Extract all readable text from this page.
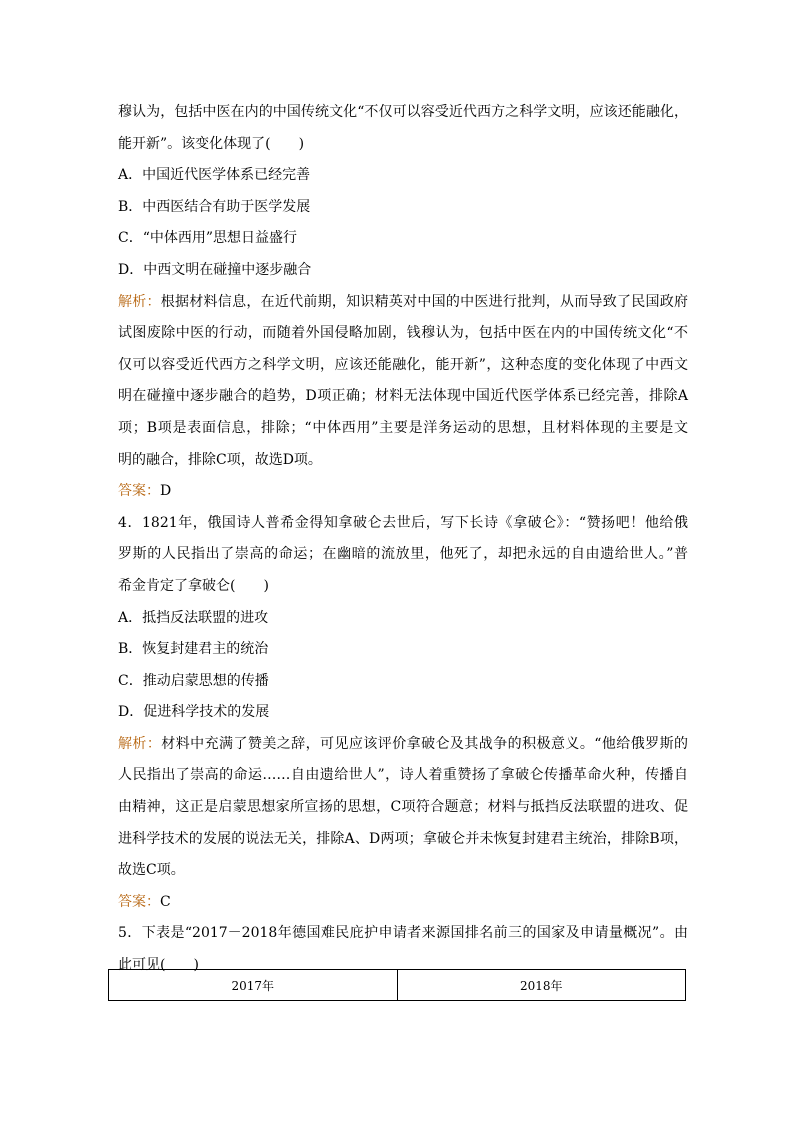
穆认为，包括中医在内的中国传统文化“不仅可以容受近代西方之科学文明，应该还能融化，
能开新”。该变化体现了(　　)
A．中国近代医学体系已经完善
B．中西医结合有助于医学发展
C．“中体西用”思想日益盛行
D．中西文明在碰撞中逐步融合
解析：根据材料信息，在近代前期，知识精英对中国的中医进行批判，从而导致了民国政府
试图废除中医的行动，而随着外国侵略加剧，钱穆认为，包括中医在内的中国传统文化“不
仅可以容受近代西方之科学文明，应该还能融化，能开新”，这种态度的变化体现了中西文
明在碰撞中逐步融合的趋势，D项正确；材料无法体现中国近代医学体系已经完善，排除A
项；B项是表面信息，排除；“中体西用”主要是洋务运动的思想，且材料体现的主要是文
明的融合，排除C项，故选D项。
答案：D
4．1821年，俄国诗人普希金得知拿破仑去世后，写下长诗《拿破仑》：“赞扬吧！他给俄
罗斯的人民指出了崇高的命运；在幽暗的流放里，他死了，却把永远的自由遗给世人。”普
希金肯定了拿破仑(　　)
A．抵挡反法联盟的进攻
B．恢复封建君主的统治
C．推动启蒙思想的传播
D．促进科学技术的发展
解析：材料中充满了赞美之辞，可见应该评价拿破仑及其战争的积极意义。“他给俄罗斯的
人民指出了崇高的命运……自由遗给世人”，诗人着重赞扬了拿破仑传播革命火种，传播自
由精神，这正是启蒙思想家所宣扬的思想，C项符合题意；材料与抵挡反法联盟的进攻、促
进科学技术的发展的说法无关，排除A、D两项；拿破仑并未恢复封建君主统治，排除B项，
故选C项。
答案：C
5．下表是“2017－2018年德国难民庇护申请者来源国排名前三的国家及申请量概况”。由
此可见(　　)
2017年	2018年
